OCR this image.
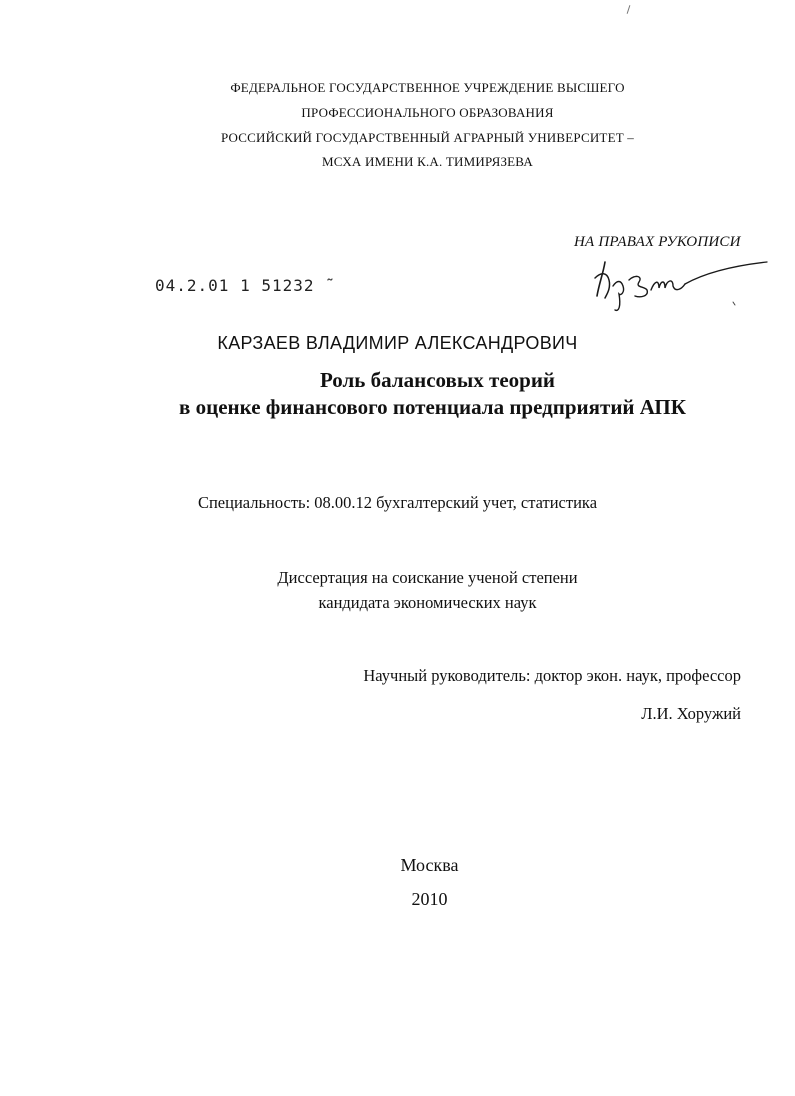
ФЕДЕРАЛЬНОЕ ГОСУДАРСТВЕННОЕ УЧРЕЖДЕНИЕ ВЫСШЕГО
ПРОФЕССИОНАЛЬНОГО ОБРАЗОВАНИЯ
РОССИЙСКИЙ ГОСУДАРСТВЕННЫЙ АГРАРНЫЙ УНИВЕРСИТЕТ –
МСХА ИМЕНИ К.А. ТИМИРЯЗЕВА
НА ПРАВАХ РУКОПИСИ
04.2.01 1 51232 ˜
КАРЗАЕВ ВЛАДИМИР АЛЕКСАНДРОВИЧ
Роль балансовых теорий
в оценке финансового потенциала предприятий АПК
Специальность: 08.00.12 бухгалтерский учет, статистика
Диссертация на соискание ученой степени
кандидата экономических наук
Научный руководитель: доктор экон. наук, профессор
Л.И. Хоружий
Москва
2010
